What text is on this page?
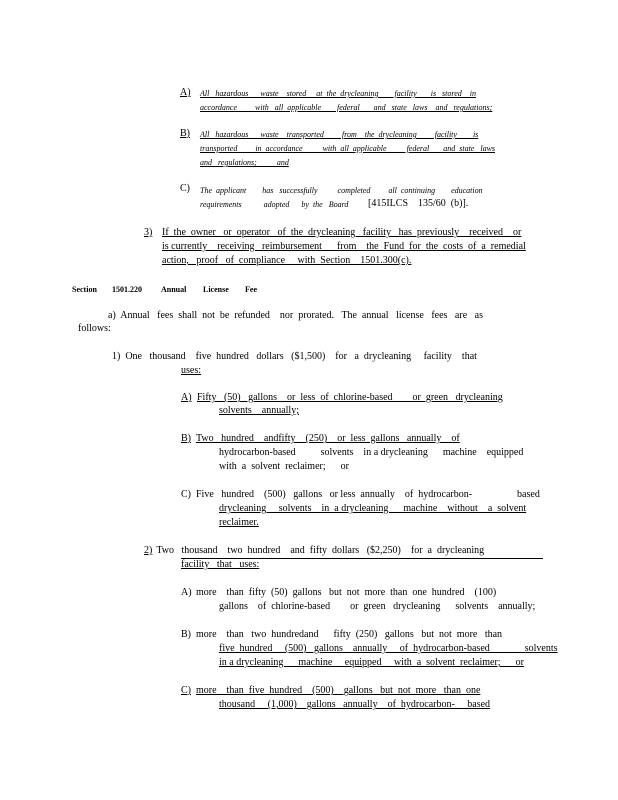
A) All   hazardous      waste    stored     at  the  drycleaning        facility       is   stored    in
accordance         with   all  applicable        federal       and   state   laws    and   regulations;
B) All   hazardous      waste    transported         from    the  drycleaning         facility        is
transported         in  accordance          with  all  applicable          federal       and  state   laws
and   regulations;          and
C) The  applicant        has   successfully          completed         all  continuing        education
requirements           adopted      by  the   Board [415ILCS    135/60  (b)].
3) If  the  owner   or  operator   of  the  drycleaning   facility   has  previously    received    or
is currently    receiving   reimbursement      from    the  Fund  for  the  costs  of  a  remedial
action,   proof   of  compliance     with  Section    1501.300(c).
Section 1501.220 Annual License Fee
a)  Annual   fees  shall  not  be  refunded    nor  prorated.   The  annual   license   fees   are   as
follows:
1)  One   thousand    five  hundred   dollars   ($1,500)    for   a  drycleaning     facility    that
uses:
A) Fifty   (50)   gallons    or  less  of  chlorine-based        or  green   drycleaning
solvents    annually;
B) Two   hundred    andfifty    (250)    or  less  gallons   annually    of
hydrocarbon-based          solvents    in a drycleaning      machine    equipped
with  a  solvent  reclaimer;      or
C) Five   hundred    (500)   gallons   or less  annually    of  hydrocarbon-                  based
drycleaning     solvents    in  a drycleaning      machine    without    a  solvent
reclaimer.
2) Two   thousand    two  hundred    and  fifty  dollars   ($2,250)    for  a  drycleaning
facility   that   uses:
A) more    than  fifty  (50)  gallons   but  not  more  than  one  hundred    (100)
gallons    of  chlorine-based        or  green   drycleaning      solvents    annually;
B) more    than   two  hundredand      fifty  (250)   gallons   but  not  more   than
five  hundred     (500)   gallons    annually     of  hydrocarbon-based              solvents
in a drycleaning      machine     equipped     with  a  solvent  reclaimer;      or
C) more    than  five  hundred    (500)    gallons   but  not  more   than  one
thousand     (1,000)    gallons   annually    of  hydrocarbon-     based
